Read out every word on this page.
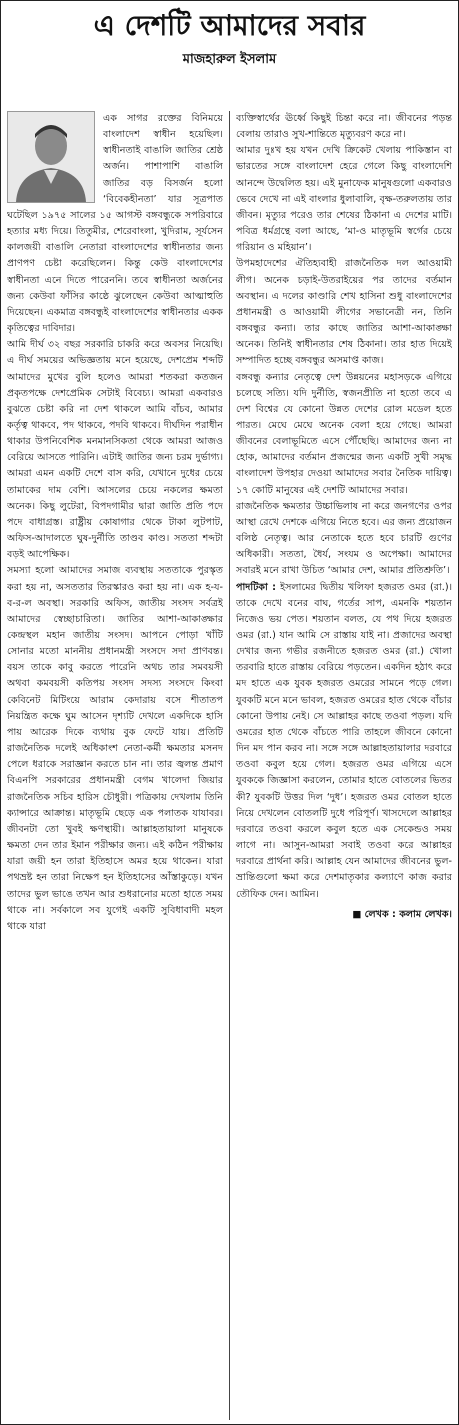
এ দেশটি আমাদের সবার
মাজহারুল ইসলাম

এক সাগর রক্তের বিনিময়ে বাংলাদেশ স্বাধীন হয়েছিল। স্বাধীনতাই বাঙালি জাতির শ্রেষ্ঠ অর্জন। পাশাপাশি বাঙালি জাতির বড় বিসর্জন হলো ‘বিবেকহীনতা’ যার সূত্রপাত ঘটেছিল ১৯৭৫ সালের ১৫ আগস্ট বঙ্গবন্ধুকে সপরিবারে হত্যার মধ্য দিয়ে। তিতুমীর, শেরেবাংলা, খুদিরাম, সূর্যসেন কালজয়ী বাঙালি নেতারা বাংলাদেশের স্বাধীনতার জন্য প্রাণপণ চেষ্টা করেছিলেন। কিন্তু কেউ বাংলাদেশের স্বাধীনতা এনে দিতে পারেননি। তবে স্বাধীনতা অর্জনের জন্য কেউবা ফাঁসির কাষ্ঠে ঝুলেছেন কেউবা আত্মাহুতি দিয়েছেন। একমাত্র বঙ্গবন্ধুই বাংলাদেশের স্বাধীনতার একক কৃতিত্বের দাবিদার।

আমি দীর্ঘ ৩২ বছর সরকারি চাকরি করে অবসর নিয়েছি। এ দীর্ঘ সময়ের অভিজ্ঞতায় মনে হয়েছে, দেশপ্রেম শব্দটি আমাদের মুখের বুলি হলেও আমরা শতকরা কতজন প্রকৃতপক্ষে দেশপ্রেমিক সেটাই বিবেচ্য। আমরা একবারও বুঝতে চেষ্টা করি না দেশ থাকলে আমি বাঁচব, আমার কর্তৃত্ব থাকবে, পদ থাকবে, পদবি থাকবে। দীর্ঘদিন পরাধীন থাকার উপনিবেশিক মনমানসিকতা থেকে আমরা আজও বেরিয়ে আসতে পারিনি। এটাই জাতির জন্য চরম দুর্ভাগ্য। আমরা এমন একটি দেশে বাস করি, যেখানে দুধের চেয়ে তামাকের দাম বেশি। আসলের চেয়ে নকলের ক্ষমতা অনেক। কিছু লুটেরা, বিপদগামীর দ্বারা জাতি প্রতি পদে পদে বাধাগ্রস্ত। রাষ্ট্রীয় কোষাগার থেকে টাকা লুটপাট, অফিস-আদালতে ঘুষ-দুর্নীতি তাণ্ডব কাণ্ড। সততা শব্দটা বড়ই আপেক্ষিক।

সমস্যা হলো আমাদের সমাজ ব্যবস্থায় সততাকে পুরস্কৃত করা হয় না, অসততার তিরস্কারও করা হয় না। এক হ-য-ব-র-ল অবস্থা। সরকারি অফিস, জাতীয় সংসদ সর্বত্রই আমাদের স্বেচ্ছাচারিতা। জাতির আশা-আকাঙ্ক্ষার কেন্দ্রস্থল মহান জাতীয় সংসদ। আপনে পোড়া খাঁটি সোনার মতো মাননীয় প্রধানমন্ত্রী সংসদে সদা প্রাণবন্ত। বয়স তাকে কাবু করতে পারেনি অথচ তার সমবয়সী অথবা কমবয়সী কতিপয় সংসদ সদস্য সংসদে কিংবা কেবিনেট মিটিংয়ে আরাম কেদারায় বসে শীতাতপ নিয়ন্ত্রিত কক্ষে ঘুম আসেন দৃশ্যটি দেখলে একদিকে হাসি পায় আরেক দিকে ব্যথায় বুক ফেটে যায়। প্রতিটি রাজনৈতিক দলেই অধিকাংশ নেতা-কর্মী ক্ষমতার মসনদ পেলে ধরাকে সরাজ্ঞান করতে চান না। তার জ্বলন্ত প্রমাণ বিএনপি সরকারের প্রধানমন্ত্রী বেগম খালেদা জিয়ার রাজনৈতিক সচিব হারিস চৌধুরী। পত্রিকায় দেখলাম তিনি ক্যান্সারে আক্রান্ত। মাতৃভূমি ছেড়ে এক পলাতক যাযাবর। জীবনটা তো খুবই ক্ষণস্থায়ী। আল্লাহতায়ালা মানুষকে ক্ষমতা দেন তার ইমান পরীক্ষার জন্য। এই কঠিন পরীক্ষায় যারা জয়ী হন তারা ইতিহাসে অমর হয়ে থাকেন। যারা পথভ্রষ্ট হন তারা নিক্ষেপ হন ইতিহাসের আঁস্তাকুড়ে। যখন তাদের ভুল ভাঙে তখন আর শুধরানোর মতো হাতে সময় থাকে না। সর্বকালে সব যুগেই একটি সুবিধাবাদী মহল থাকে যারা

ব্যক্তিস্বার্থের ঊর্ধ্বে কিছুই চিন্তা করে না। জীবনের পড়ন্ত বেলায় তারাও সুখ-শান্তিতে মৃত্যুবরণ করে না।

আমার দুঃখ হয় যখন দেখি ক্রিকেট খেলায় পাকিস্তান বা ভারতের সঙ্গে বাংলাদেশ হেরে গেলে কিছু বাংলাদেশি আনন্দে উদ্বেলিত হয়। এই মুনাফেক মানুষগুলো একবারও ভেবে দেখে না এই বাংলার ধুলাবালি, বৃক্ষ-তরুলতায় তার জীবন। মৃত্যুর পরেও তার শেষের ঠিকানা এ দেশের মাটি। পবিত্র ধর্মগ্রন্থে বলা আছে, ‘মা-ও মাতৃভূমি স্বর্গের চেয়ে গরিয়ান ও মহিয়ান’।

উপমহাদেশের ঐতিহ্যবাহী রাজনৈতিক দল আওয়ামী লীগ। অনেক চড়াই-উতরাইয়ের পর তাদের বর্তমান অবস্থান। এ দলের কাণ্ডারি শেখ হাসিনা শুধু বাংলাদেশের প্রধানমন্ত্রী ও আওয়ামী লীগের সভানেত্রী নন, তিনি বঙ্গবন্ধুর কন্যা। তার কাছে জাতির আশা-আকাঙ্ক্ষা অনেক। তিনিই স্বাধীনতার শেষ ঠিকানা। তার হাত দিয়েই সম্পাদিত হচ্ছে বঙ্গবন্ধুর অসমাপ্ত কাজ।

বঙ্গবন্ধু কন্যার নেতৃত্বে দেশ উন্নয়নের মহাসড়কে এগিয়ে চলেছে সত্যি। যদি দুর্নীতি, স্বজনপ্রীতি না হতো তবে এ দেশ বিশ্বের যে কোনো উন্নত দেশের রোল মডেল হতে পারত। মেঘে মেঘে অনেক বেলা হয়ে গেছে। আমরা জীবনের বেলাভূমিতে এসে পৌঁছেছি। আমাদের জন্য না হোক, আমাদের বর্তমান প্রজন্মের জন্য একটি সুখী সমৃদ্ধ বাংলাদেশ উপহার দেওয়া আমাদের সবার নৈতিক দায়িত্ব। ১৭ কোটি মানুষের এই দেশটি আমাদের সবার।

রাজনৈতিক ক্ষমতার উচ্চাভিলাষ না করে জনগণের ওপর আস্থা রেখে দেশকে এগিয়ে নিতে হবে। এর জন্য প্রয়োজন বলিষ্ঠ নেতৃত্ব। আর নেতাকে হতে হবে চারটি গুণের অধিকারী। সততা, ধৈর্য, সংযম ও অপেক্ষা। আমাদের সবারই মনে রাখা উচিত ‘আমার দেশ, আমার প্রতিশ্রুতি’।

পাদটিকা : ইসলামের দ্বিতীয় খলিফা হজরত ওমর (রা.)। তাকে দেখে বনের বাঘ, গর্তের সাপ, এমনকি শয়তান নিজেও ভয় পেত। শয়তান বলত, যে পথ দিয়ে হজরত ওমর (রা.) যান আমি সে রাস্তায় যাই না। প্রজাদের অবস্থা দেখার জন্য গভীর রজনীতে হজরত ওমর (রা.) খোলা তরবারি হাতে রাস্তায় বেরিয়ে পড়তেন। একদিন হঠাৎ করে মদ হাতে এক যুবক হজরত ওমরের সামনে পড়ে গেল। যুবকটি মনে মনে ভাবল, হজরত ওমরের হাত থেকে বাঁচার কোনো উপায় নেই। সে আল্লাহর কাছে তওবা পড়ল। যদি ওমরের হাত থেকে বাঁচতে পারি তাহলে জীবনে কোনো দিন মদ পান করব না। সঙ্গে সঙ্গে আল্লাহতায়ালার দরবারে তওবা কবুল হয়ে গেল। হজরত ওমর এগিয়ে এসে যুবককে জিজ্ঞাসা করলেন, তোমার হাতে বোতলের ভিতর কী? যুবকটি উত্তর দিল ‘দুধ’। হজরত ওমর বোতল হাতে নিয়ে দেখলেন বোতলটি দুধে পরিপূর্ণ। খাসদেলে আল্লাহর দরবারে তওবা করলে কবুল হতে এক সেকেন্ডও সময় লাগে না। আসুন-আমরা সবাই তওবা করে আল্লাহর দরবারে প্রার্থনা করি। আল্লাহ যেন আমাদের জীবনের ভুল-ভ্রান্তিগুলো ক্ষমা করে দেশমাতৃকার কল্যাণে কাজ করার তৌফিক দেন। আমিন।

■ লেখক : কলাম লেখক।
